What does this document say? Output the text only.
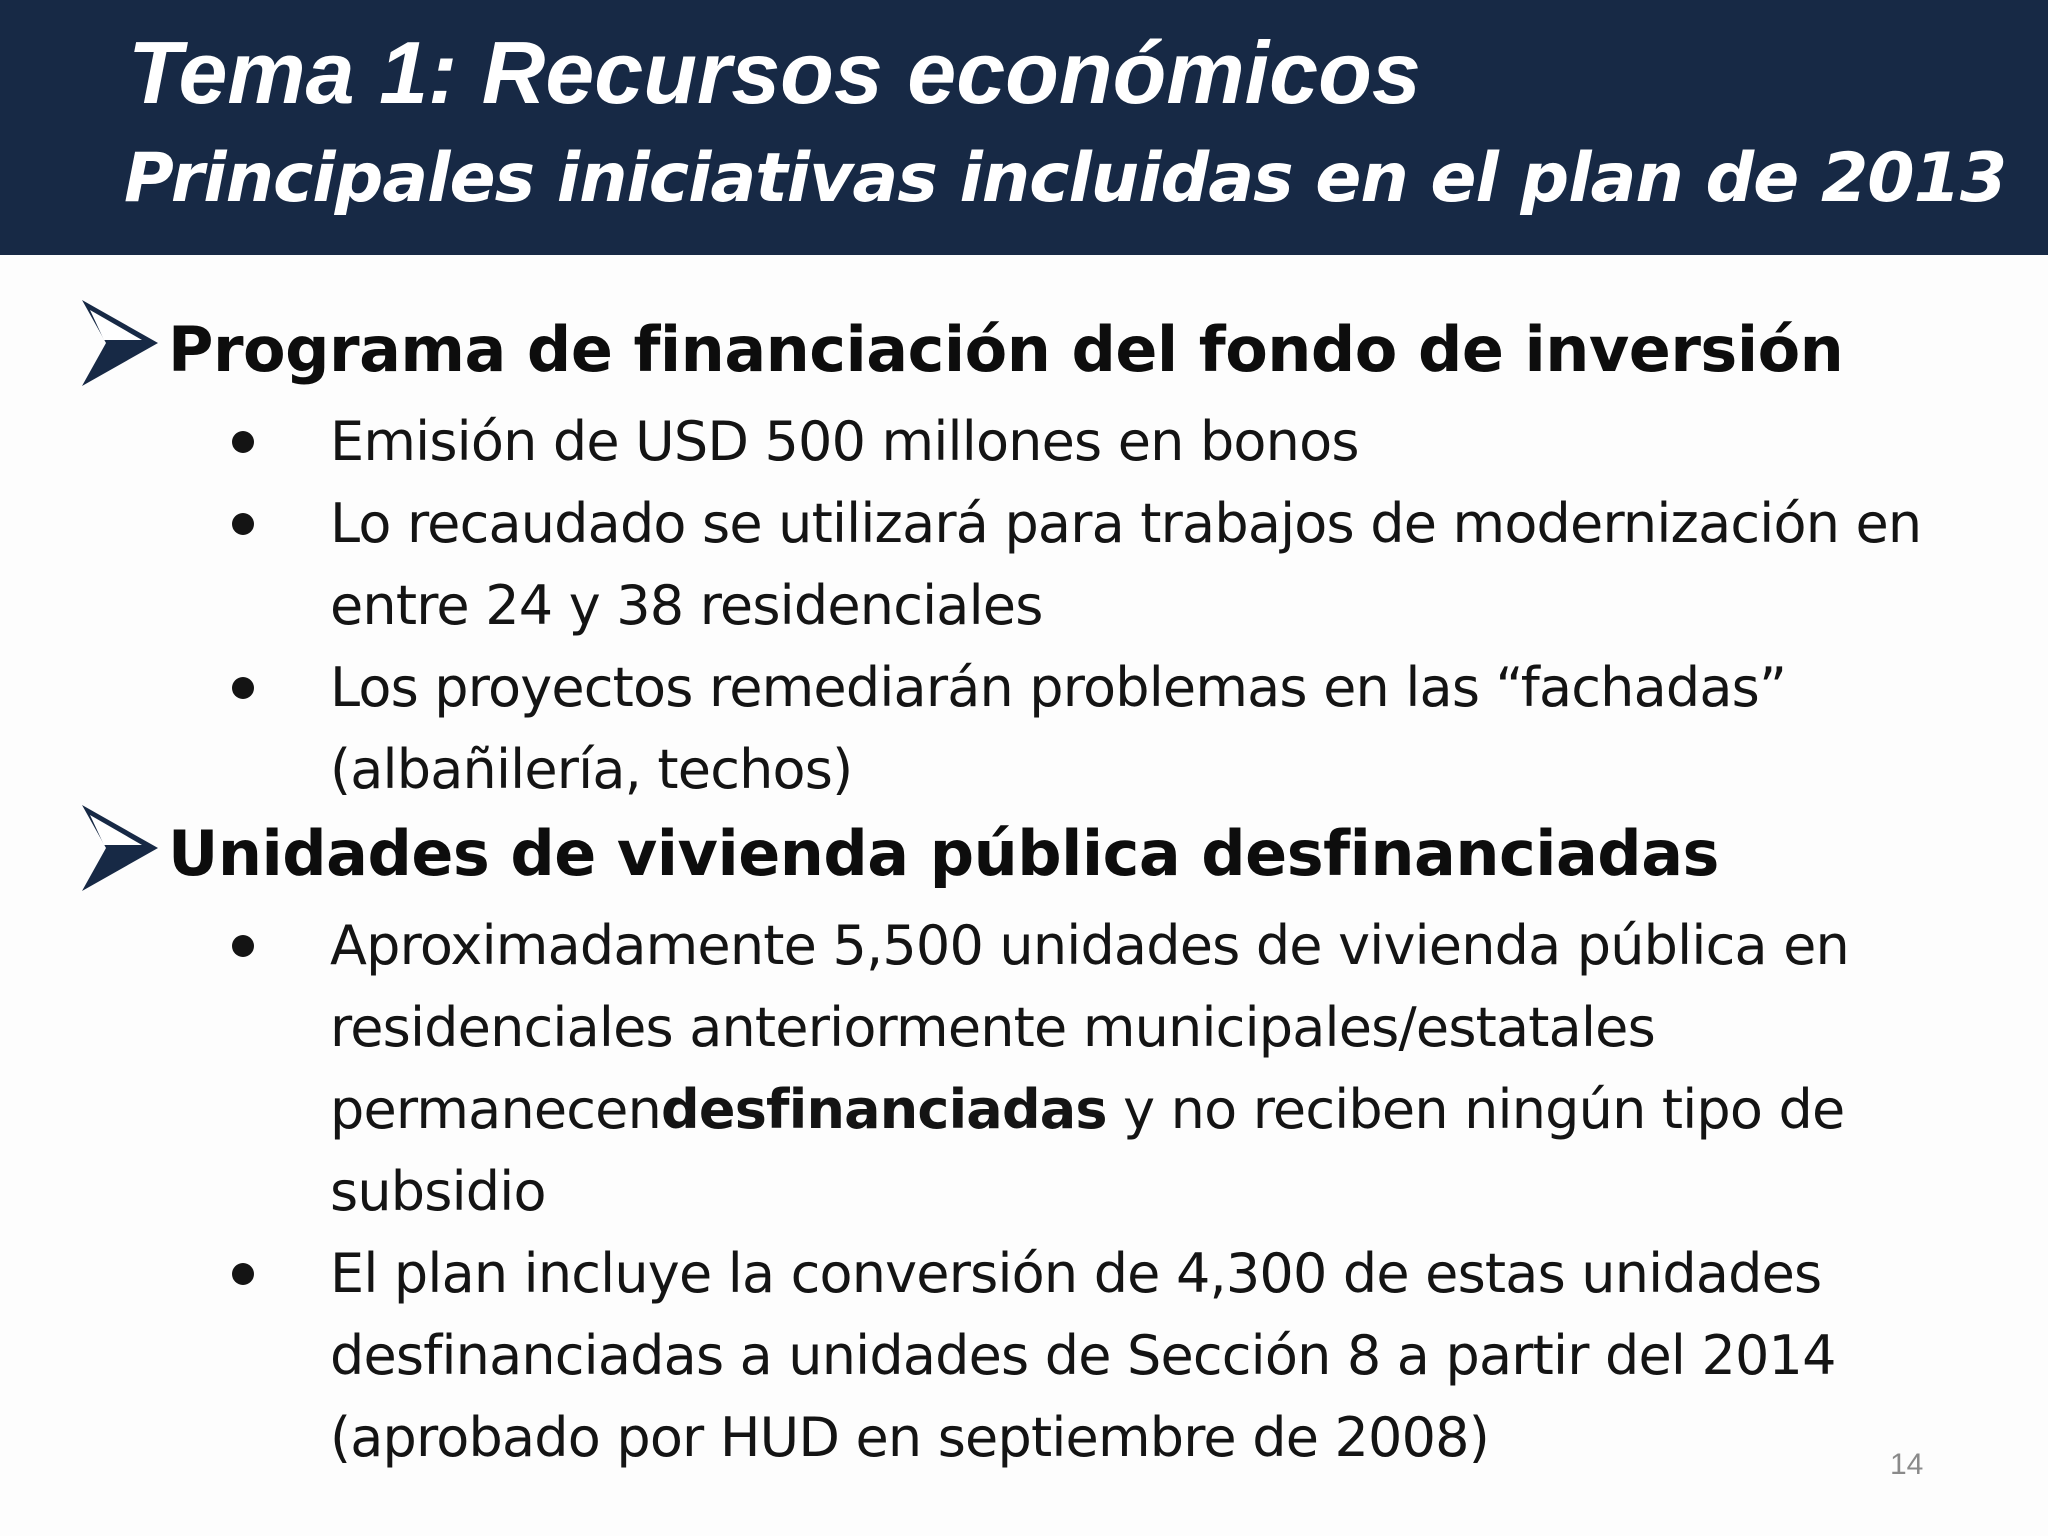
Tema 1: Recursos económicos
Principales iniciativas incluidas en el plan de 2013
Programa de financiación del fondo de inversión

Emisión de USD 500 millones en bonos

Lo recaudado se utilizará para trabajos de modernización en entre 24 y 38 residenciales

Los proyectos remediarán problemas en las “fachadas” (albañilería, techos)

Unidades de vivienda pública desfinanciadas

Aproximadamente 5,500 unidades de vivienda pública en residenciales anteriormente municipales/estatales permanecendesfinanciadas y no reciben ningún tipo de subsidio

El plan incluye la conversión de 4,300 de estas unidades desfinanciadas a unidades de Sección 8 a partir del 2014 (aprobado por HUD en septiembre de 2008)	14
